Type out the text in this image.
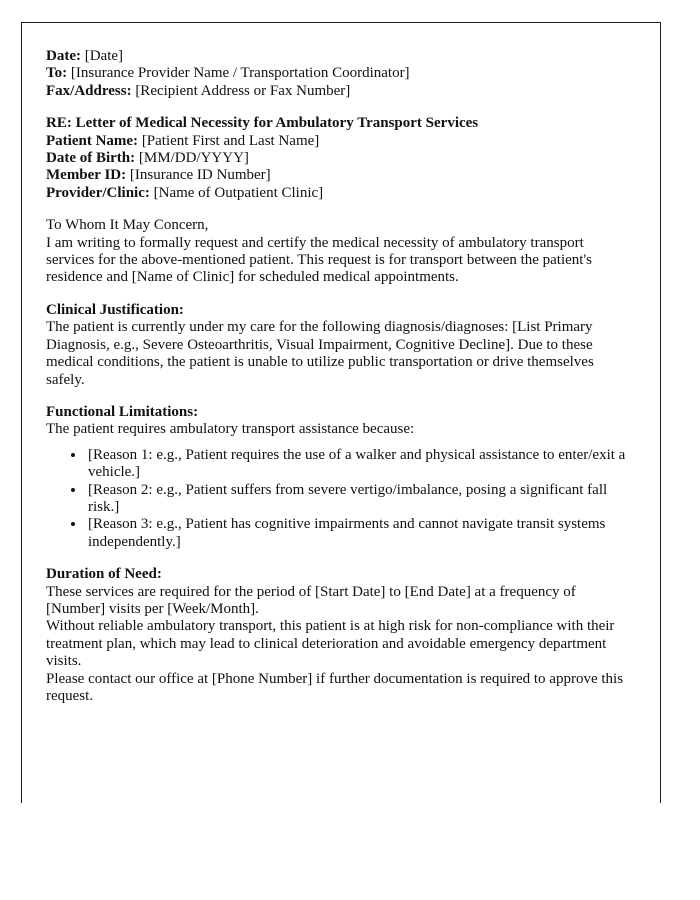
Date: [Date]
To: [Insurance Provider Name / Transportation Coordinator]
Fax/Address: [Recipient Address or Fax Number]
RE: Letter of Medical Necessity for Ambulatory Transport Services
Patient Name: [Patient First and Last Name]
Date of Birth: [MM/DD/YYYY]
Member ID: [Insurance ID Number]
Provider/Clinic: [Name of Outpatient Clinic]
To Whom It May Concern,

I am writing to formally request and certify the medical necessity of ambulatory transport services for the above-mentioned patient. This request is for transport between the patient's residence and [Name of Clinic] for scheduled medical appointments.

Clinical Justification:

The patient is currently under my care for the following diagnosis/diagnoses: [List Primary Diagnosis, e.g., Severe Osteoarthritis, Visual Impairment, Cognitive Decline]. Due to these medical conditions, the patient is unable to utilize public transportation or drive themselves safely.

Functional Limitations:

The patient requires ambulatory transport assistance because:

• [Reason 1: e.g., Patient requires the use of a walker and physical assistance to enter/exit a vehicle.]
• [Reason 2: e.g., Patient suffers from severe vertigo/imbalance, posing a significant fall risk.]
• [Reason 3: e.g., Patient has cognitive impairments and cannot navigate transit systems independently.]
Duration of Need:

These services are required for the period of [Start Date] to [End Date] at a frequency of [Number] visits per [Week/Month].

Without reliable ambulatory transport, this patient is at high risk for non-compliance with their treatment plan, which may lead to clinical deterioration and avoidable emergency department visits.

Please contact our office at [Phone Number] if further documentation is required to approve this request.
